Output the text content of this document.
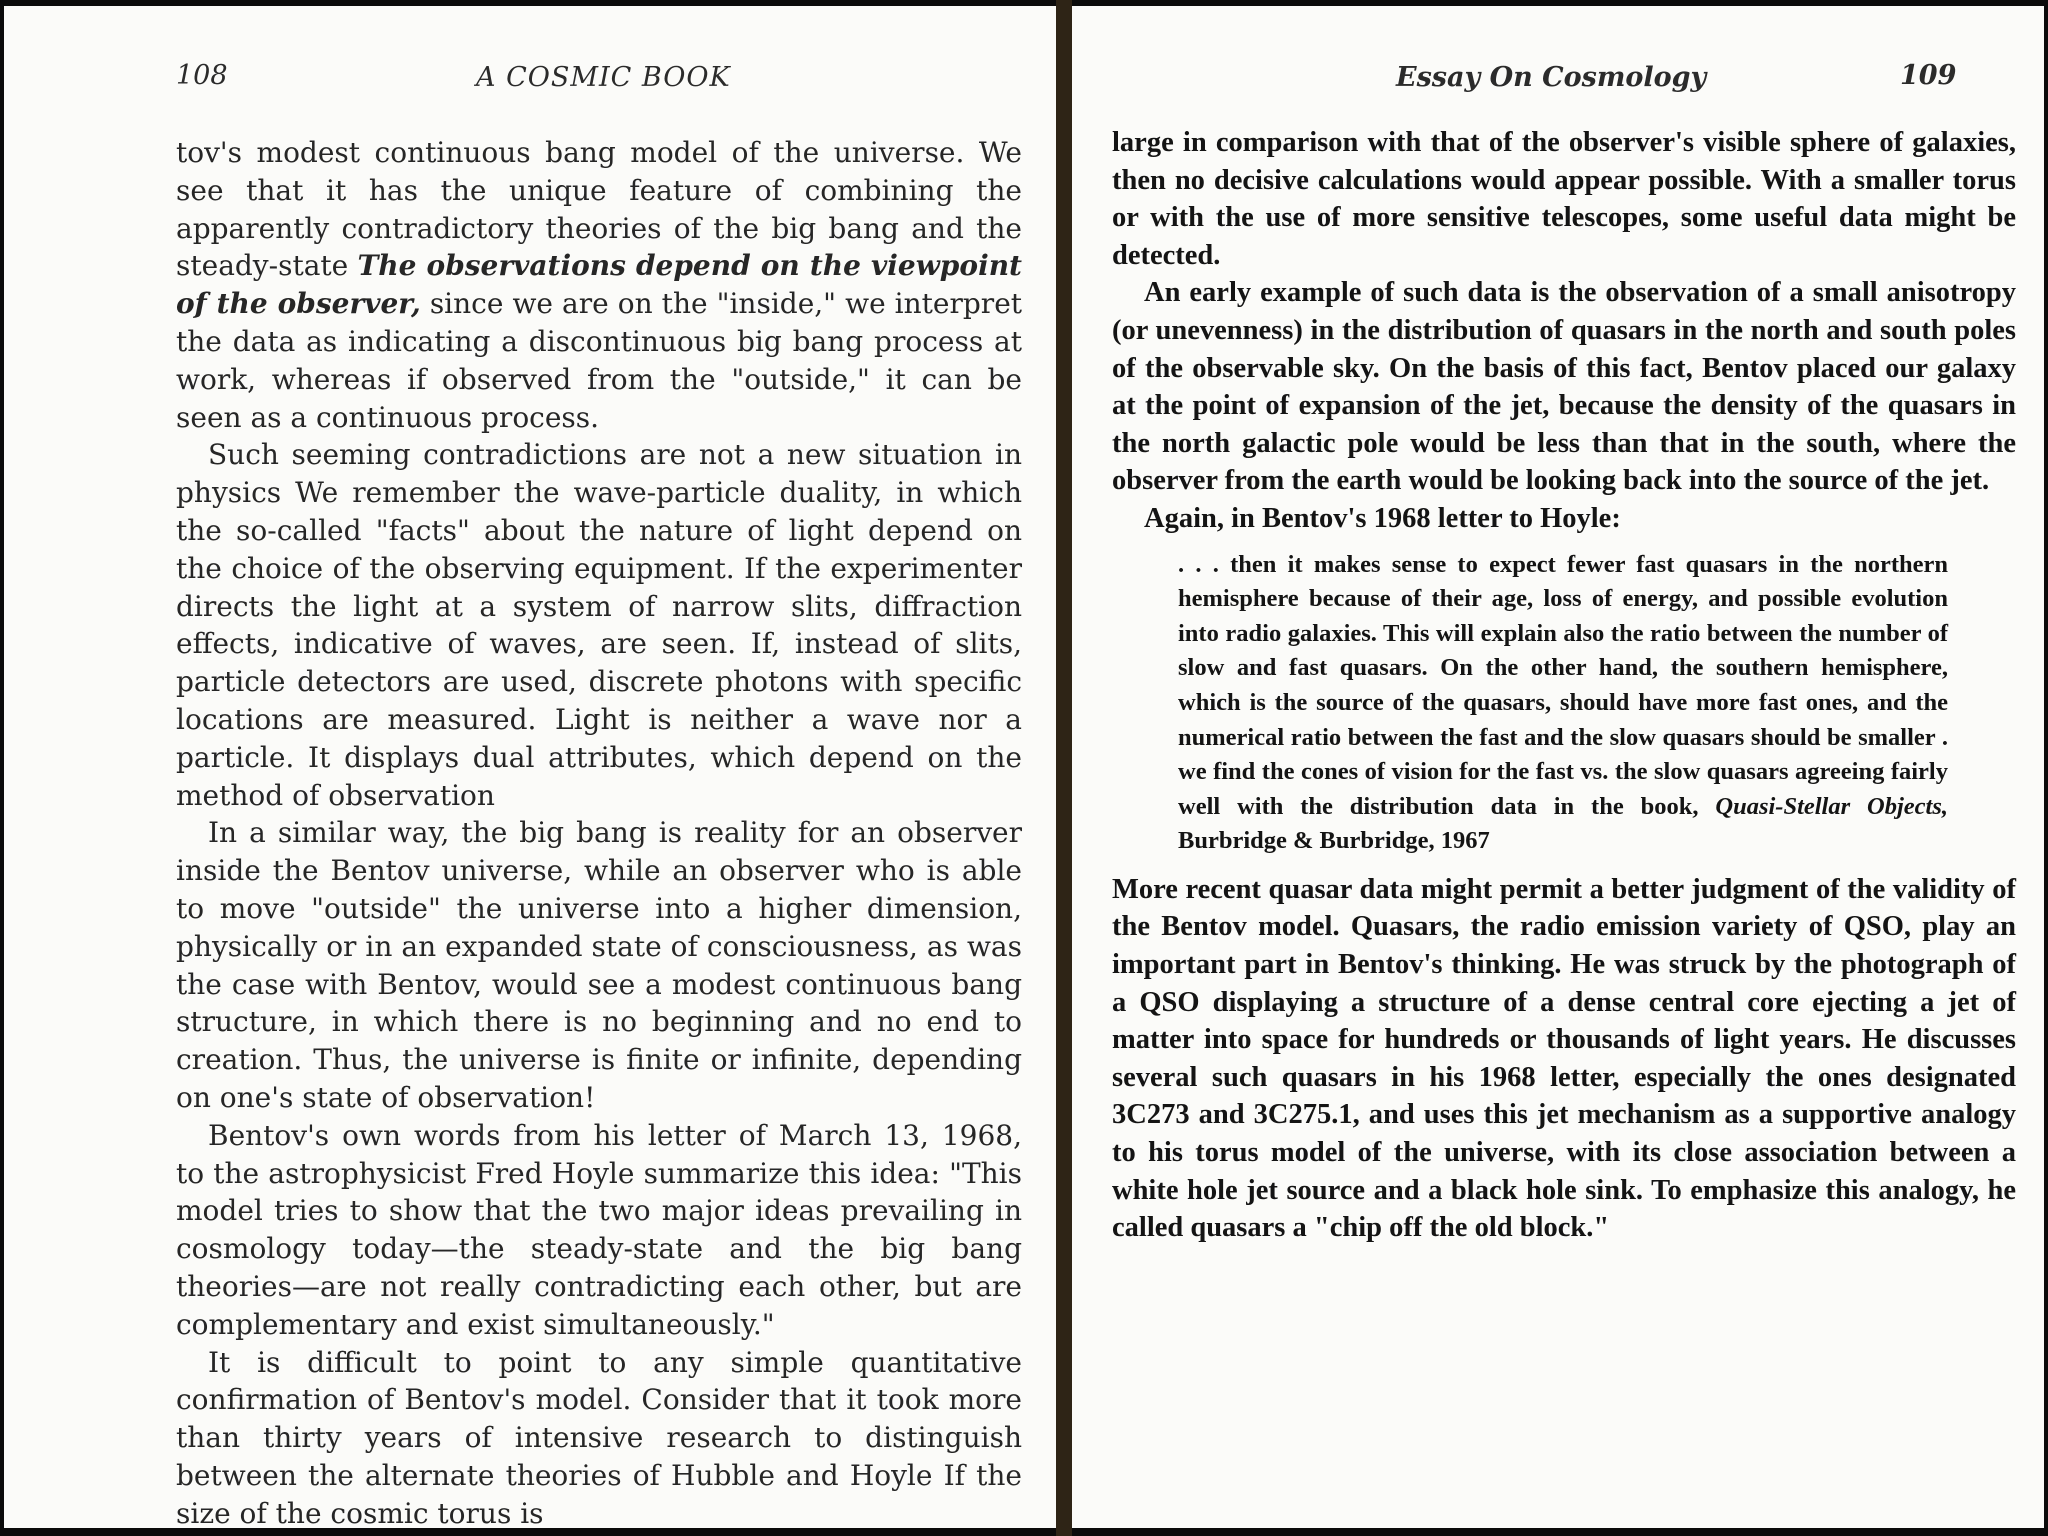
108	A COSMIC BOOK

tov's modest continuous bang model of the universe. We see that it has the unique feature of combining the apparently contradictory theories of the big bang and the steady-state The observations depend on the viewpoint of the observer, since we are on the "inside," we interpret the data as indicating a discontinuous big bang process at work, whereas if observed from the "outside," it can be seen as a continuous process.

Such seeming contradictions are not a new situation in physics We remember the wave-particle duality, in which the so-called "facts" about the nature of light depend on the choice of the observing equipment. If the experimenter directs the light at a system of narrow slits, diffraction effects, indicative of waves, are seen. If, instead of slits, particle detectors are used, discrete photons with specific locations are measured. Light is neither a wave nor a particle. It displays dual attributes, which depend on the method of observation

In a similar way, the big bang is reality for an observer inside the Bentov universe, while an observer who is able to move "outside" the universe into a higher dimension, physically or in an expanded state of consciousness, as was the case with Bentov, would see a modest continuous bang structure, in which there is no beginning and no end to creation. Thus, the universe is finite or infinite, depending on one's state of observation!

Bentov's own words from his letter of March 13, 1968, to the astrophysicist Fred Hoyle summarize this idea: "This model tries to show that the two major ideas prevailing in cosmology today—the steady-state and the big bang theories—are not really contradicting each other, but are complementary and exist simultaneously."

It is difficult to point to any simple quantitative confirmation of Bentov's model. Consider that it took more than thirty years of intensive research to distinguish between the alternate theories of Hubble and Hoyle If the size of the cosmic torus is

Essay On Cosmology	109

large in comparison with that of the observer's visible sphere of galaxies, then no decisive calculations would appear possible. With a smaller torus or with the use of more sensitive telescopes, some useful data might be detected.

An early example of such data is the observation of a small anisotropy (or unevenness) in the distribution of quasars in the north and south poles of the observable sky. On the basis of this fact, Bentov placed our galaxy at the point of expansion of the jet, because the density of the quasars in the north galactic pole would be less than that in the south, where the observer from the earth would be looking back into the source of the jet.

Again, in Bentov's 1968 letter to Hoyle:

. . . then it makes sense to expect fewer fast quasars in the northern hemisphere because of their age, loss of energy, and possible evolution into radio galaxies. This will explain also the ratio between the number of slow and fast quasars. On the other hand, the southern hemisphere, which is the source of the quasars, should have more fast ones, and the numerical ratio between the fast and the slow quasars should be smaller . we find the cones of vision for the fast vs. the slow quasars agreeing fairly well with the distribution data in the book, Quasi-Stellar Objects, Burbridge & Burbridge, 1967

More recent quasar data might permit a better judgment of the validity of the Bentov model. Quasars, the radio emission variety of QSO, play an important part in Bentov's thinking. He was struck by the photograph of a QSO displaying a structure of a dense central core ejecting a jet of matter into space for hundreds or thousands of light years. He discusses several such quasars in his 1968 letter, especially the ones designated 3C273 and 3C275.1, and uses this jet mechanism as a supportive analogy to his torus model of the universe, with its close association between a white hole jet source and a black hole sink. To emphasize this analogy, he called quasars a "chip off the old block."
